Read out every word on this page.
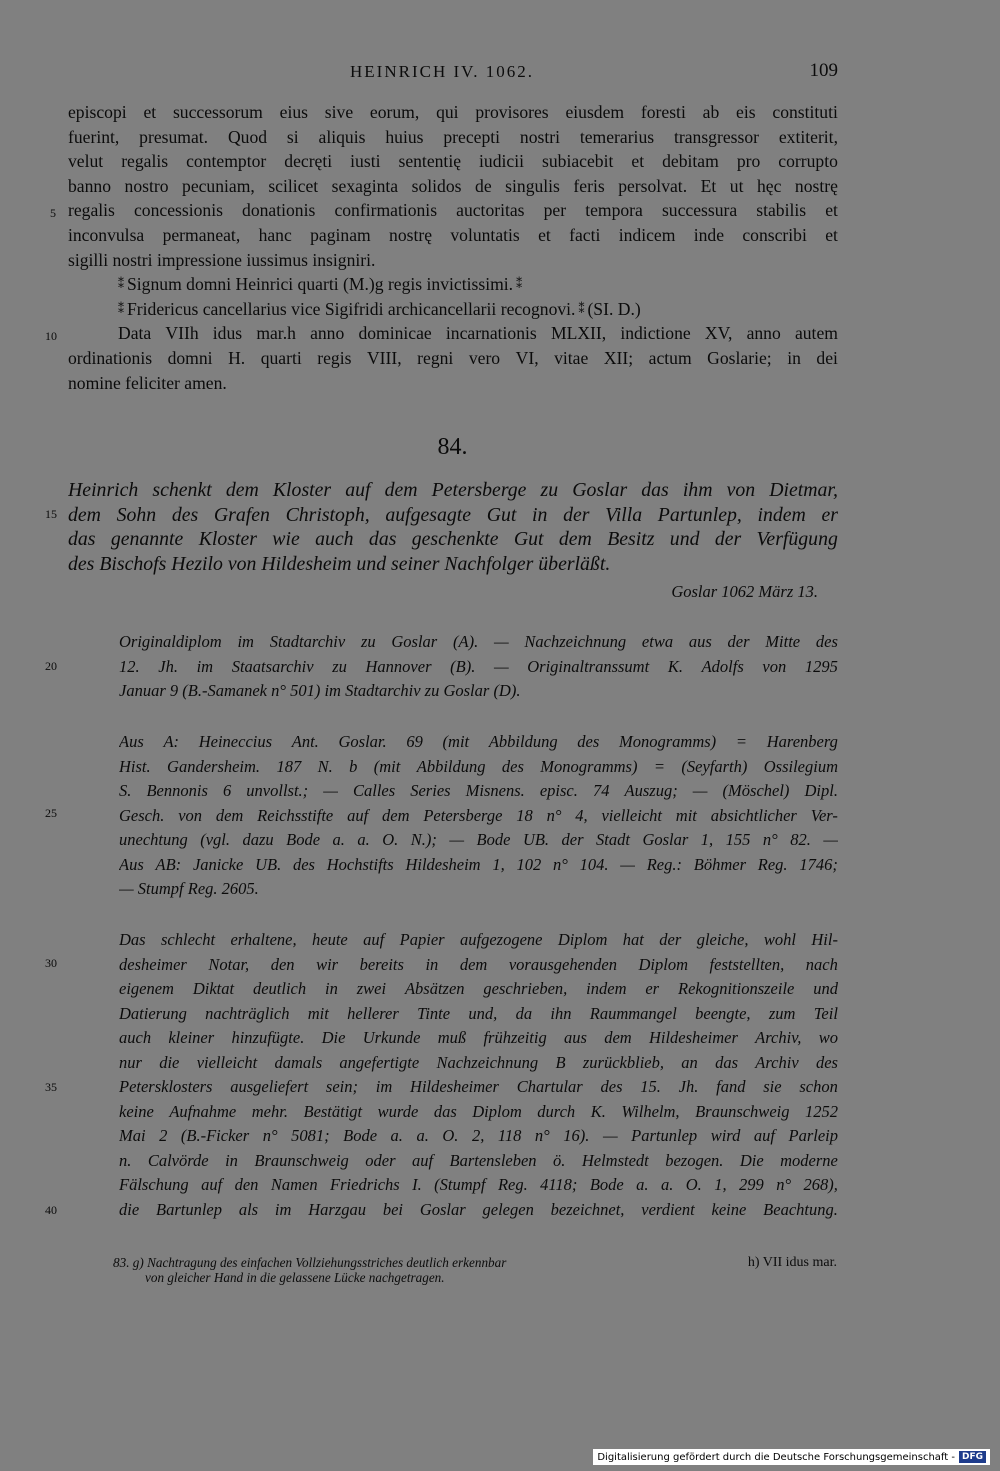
HEINRICH IV. 1062.	109
5
10
15
20
25
30
35
40
episcopi et successorum eius sive eorum, qui provisores eiusdem foresti ab eis constituti
fuerint, presumat. Quod si aliquis huius precepti nostri temerarius transgressor extiterit,
velut regalis contemptor decręti iusti sententię iudicii subiacebit et debitam pro corrupto
banno nostro pecuniam, scilicet sexaginta solidos de singulis feris persolvat. Et ut hęc nostrę
regalis concessionis donationis confirmationis auctoritas per tempora successura stabilis et
inconvulsa permaneat, hanc paginam nostrę voluntatis et facti indicem inde conscribi et
sigilli nostri impressione iussimus insigniri.
⁑ Signum domni Heinrici quarti (M.)g regis invictissimi. ⁑
⁑ Fridericus cancellarius vice Sigifridi archicancellarii recognovi. ⁑ (SI. D.)
Data VIIh idus mar.h anno dominicae incarnationis MLXII, indictione XV, anno autem
ordinationis domni H. quarti regis VIII, regni vero VI, vitae XII; actum Goslarie; in dei
nomine feliciter amen.
84.
Heinrich schenkt dem Kloster auf dem Petersberge zu Goslar das ihm von Dietmar,
dem Sohn des Grafen Christoph, aufgesagte Gut in der Villa Partunlep, indem er
das genannte Kloster wie auch das geschenkte Gut dem Besitz und der Verfügung
des Bischofs Hezilo von Hildesheim und seiner Nachfolger überläßt.
Goslar 1062 März 13.
Originaldiplom im Stadtarchiv zu Goslar (A). — Nachzeichnung etwa aus der Mitte des
12. Jh. im Staatsarchiv zu Hannover (B). — Originaltranssumt K. Adolfs von 1295
Januar 9 (B.-Samanek n° 501) im Stadtarchiv zu Goslar (D).
Aus A: Heineccius Ant. Goslar. 69 (mit Abbildung des Monogramms) = Harenberg
Hist. Gandersheim. 187 N. b (mit Abbildung des Monogramms) = (Seyfarth) Ossilegium
S. Bennonis 6 unvollst.; — Calles Series Misnens. episc. 74 Auszug; — (Möschel) Dipl.
Gesch. von dem Reichsstifte auf dem Petersberge 18 n° 4, vielleicht mit absichtlicher Ver-
unechtung (vgl. dazu Bode a. a. O. N.); — Bode UB. der Stadt Goslar 1, 155 n° 82. —
Aus AB: Janicke UB. des Hochstifts Hildesheim 1, 102 n° 104. — Reg.: Böhmer Reg. 1746;
— Stumpf Reg. 2605.
Das schlecht erhaltene, heute auf Papier aufgezogene Diplom hat der gleiche, wohl Hil-
desheimer Notar, den wir bereits in dem vorausgehenden Diplom feststellten, nach
eigenem Diktat deutlich in zwei Absätzen geschrieben, indem er Rekognitionszeile und
Datierung nachträglich mit hellerer Tinte und, da ihn Raummangel beengte, zum Teil
auch kleiner hinzufügte. Die Urkunde muß frühzeitig aus dem Hildesheimer Archiv, wo
nur die vielleicht damals angefertigte Nachzeichnung B zurückblieb, an das Archiv des
Petersklosters ausgeliefert sein; im Hildesheimer Chartular des 15. Jh. fand sie schon
keine Aufnahme mehr. Bestätigt wurde das Diplom durch K. Wilhelm, Braunschweig 1252
Mai 2 (B.-Ficker n° 5081; Bode a. a. O. 2, 118 n° 16). — Partunlep wird auf Parleip
n. Calvörde in Braunschweig oder auf Bartensleben ö. Helmstedt bezogen. Die moderne
Fälschung auf den Namen Friedrichs I. (Stumpf Reg. 4118; Bode a. a. O. 1, 299 n° 268),
die Bartunlep als im Harzgau bei Goslar gelegen bezeichnet, verdient keine Beachtung.
83. g) Nachtragung des einfachen Vollziehungsstriches deutlich erkennbar
von gleicher Hand in die gelassene Lücke nachgetragen.
h) VII idus mar.
Digitalisierung gefördert durch die Deutsche Forschungsgemeinschaft - DFG
